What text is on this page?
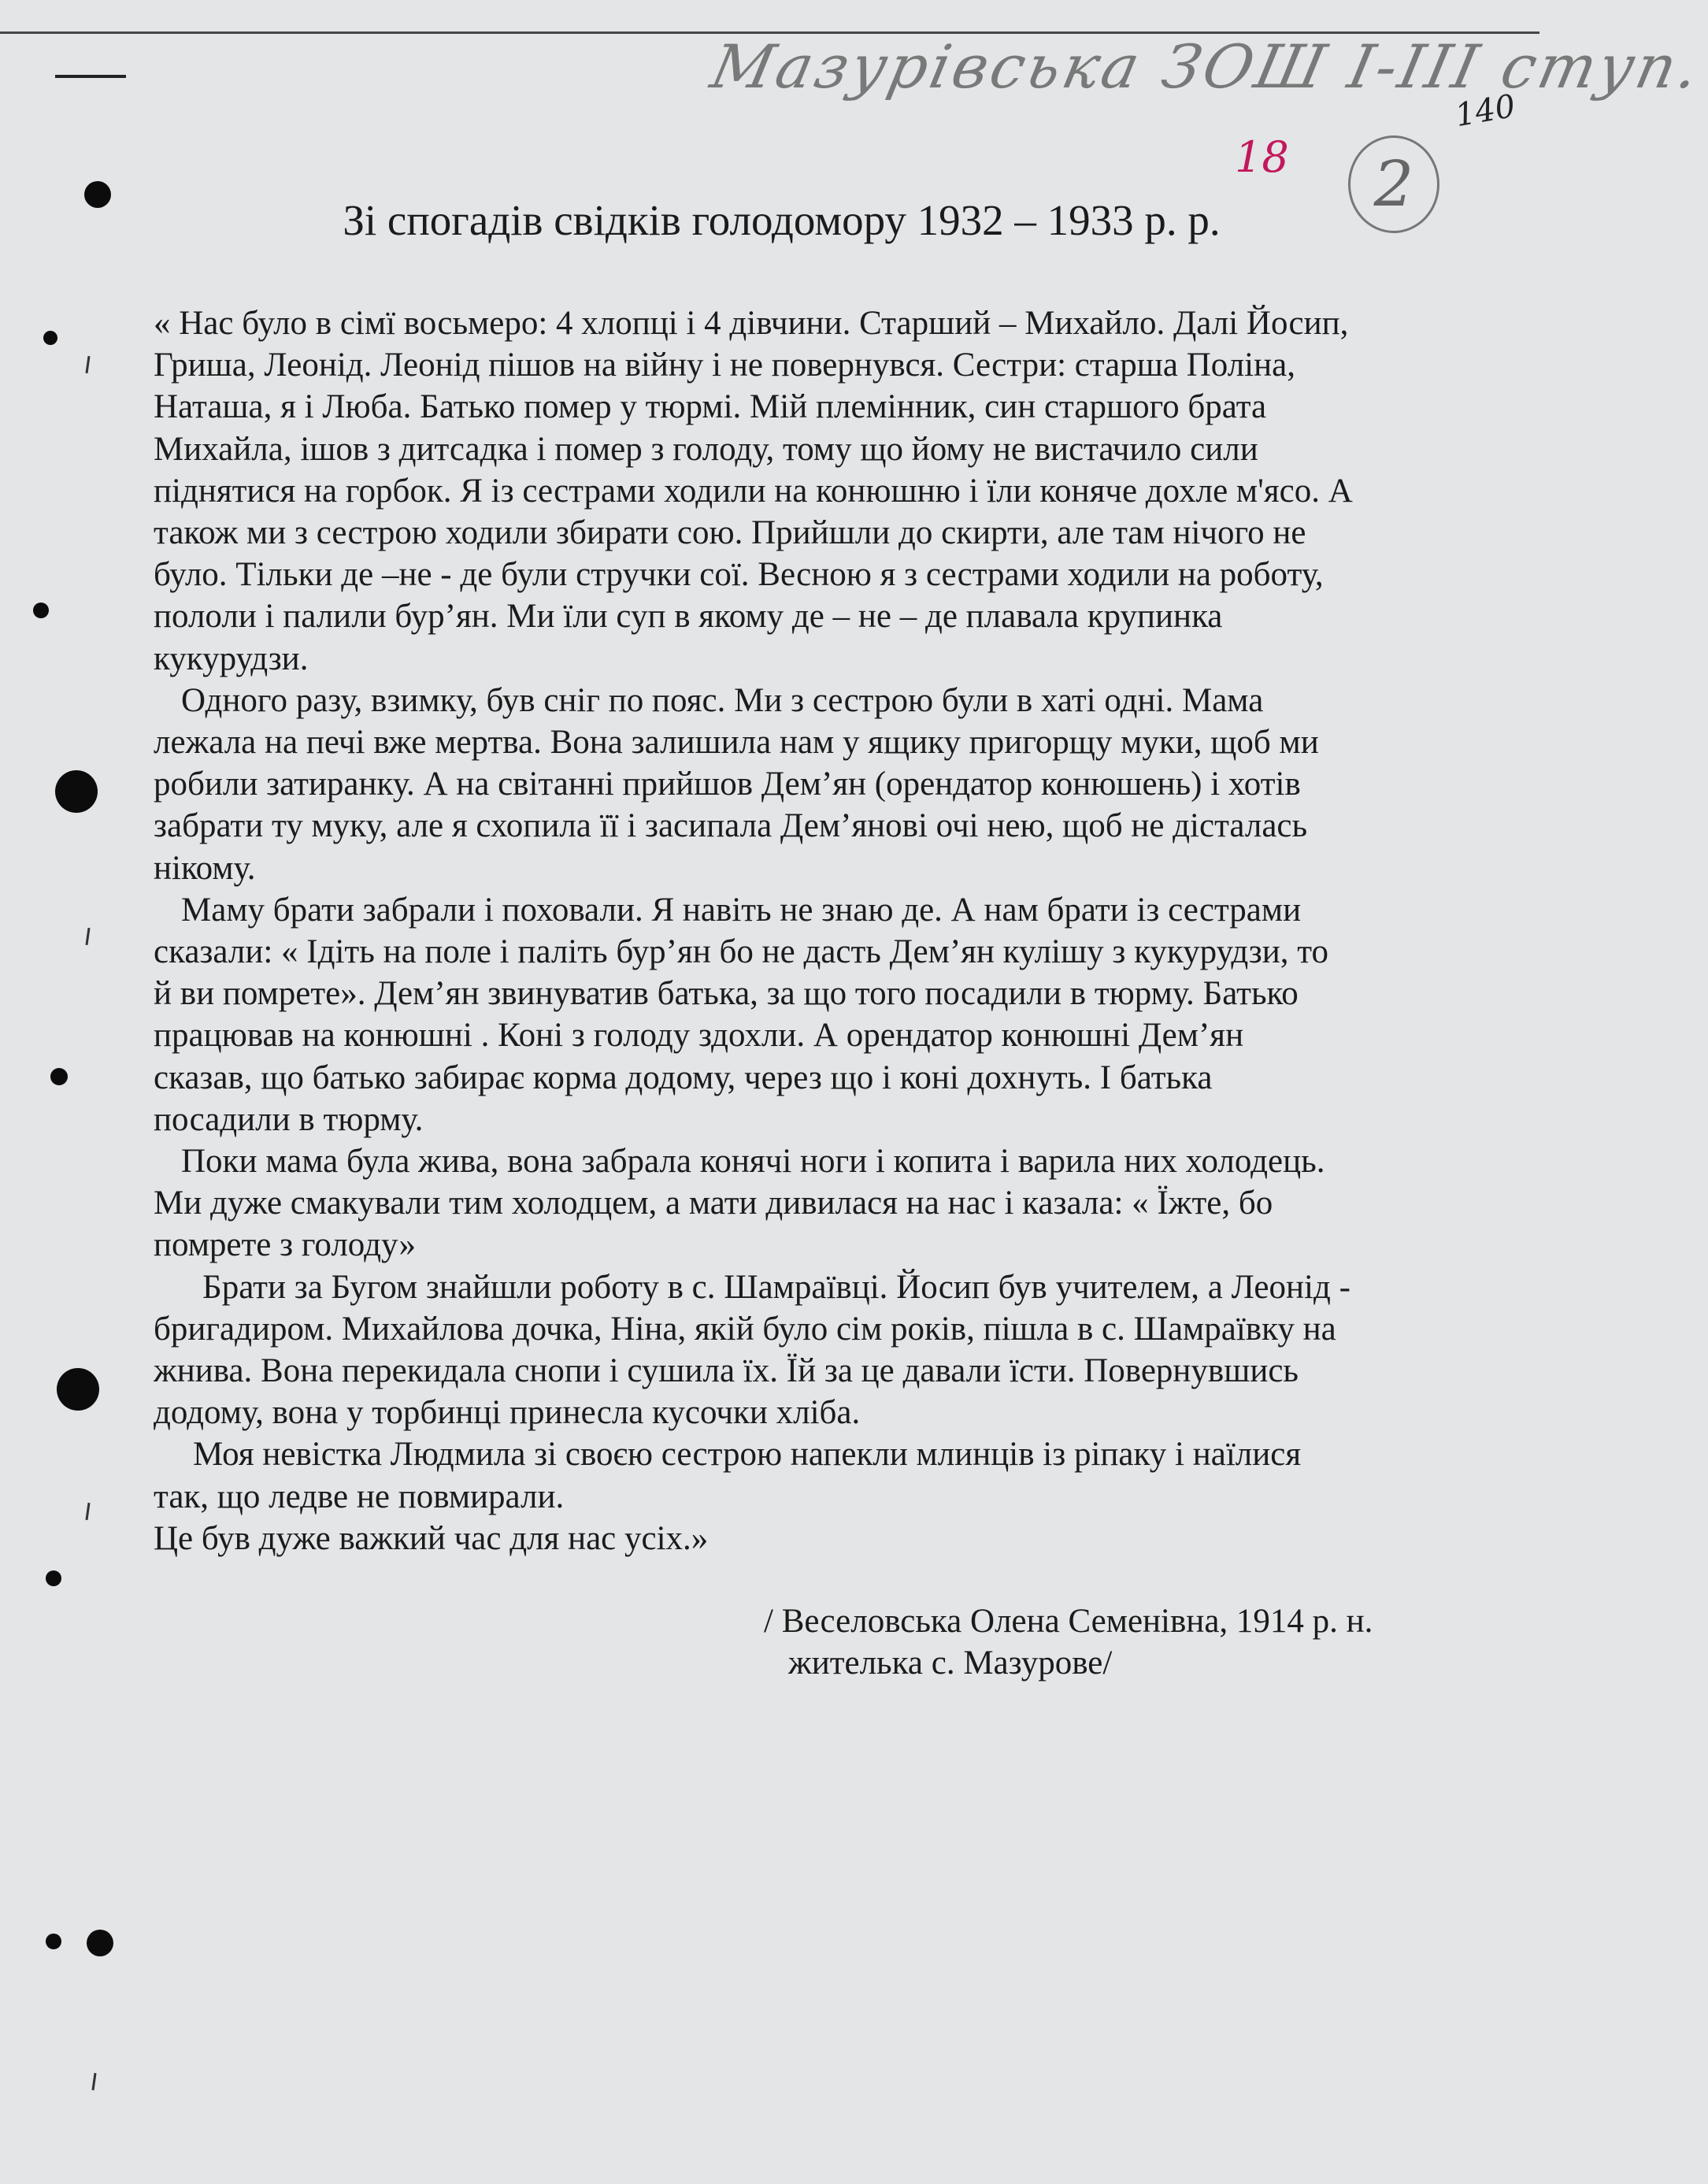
Мазурівська ЗОШ І-ІІІ ступ.
140
18	2
Зі спогадів свідків голодомору 1932 – 1933 р. р.
« Нас було в сімї восьмеро: 4 хлопці і 4 дівчини. Старший – Михайло. Далі Йосип,
Гриша, Леонід. Леонід пішов на війну і не повернувся. Сестри: старша Поліна,
Наташа, я і Люба. Батько помер у тюрмі. Мій племінник, син старшого брата
Михайла, ішов з дитсадка і помер з голоду, тому що йому не вистачило сили
піднятися на горбок. Я із сестрами ходили на конюшню і їли коняче дохле м'ясо. А
також ми з сестрою ходили збирати сою. Прийшли до скирти, але там нічого не
було. Тільки де –не - де були стручки сої. Весною я з сестрами ходили на роботу,
пололи і палили бур’ян. Ми їли суп в якому де – не – де плавала крупинка
кукурудзи.
Одного разу, взимку, був сніг по пояс. Ми з сестрою були в хаті одні. Мама
лежала на печі вже мертва. Вона залишила нам у ящику пригорщу муки, щоб ми
робили затиранку. А на світанні прийшов Дем’ян (орендатор конюшень) і хотів
забрати ту муку, але я схопила її і засипала Дем’янові очі нею, щоб не дісталась
нікому.
Маму брати забрали і поховали. Я навіть не знаю де. А нам брати із сестрами
сказали: « Ідіть на поле і паліть бур’ян бо не дасть Дем’ян кулішу з кукурудзи, то
й ви помрете». Дем’ян звинуватив батька, за що того посадили в тюрму. Батько
працював на конюшні . Коні з голоду здохли. А орендатор конюшні Дем’ян
сказав, що батько забирає корма додому, через що і коні дохнуть. І батька
посадили в тюрму.
Поки мама була жива, вона забрала конячі ноги і копита і варила них холодець.
Ми дуже смакували тим холодцем, а мати дивилася на нас і казала: « Їжте, бо
помрете з голоду»
Брати за Бугом знайшли роботу в с. Шамраївці. Йосип був учителем, а Леонід -
бригадиром. Михайлова дочка, Ніна, якій було сім років, пішла в с. Шамраївку на
жнива. Вона перекидала снопи і сушила їх. Їй за це давали їсти. Повернувшись
додому, вона у торбинці принесла кусочки хліба.
Моя невістка Людмила зі своєю сестрою напекли млинців із ріпаку і наїлися
так, що ледве не повмирали.
Це був дуже важкий час для нас усіх.»
/ Веселовська Олена Семенівна, 1914 р. н.
жителька с. Мазурове/
